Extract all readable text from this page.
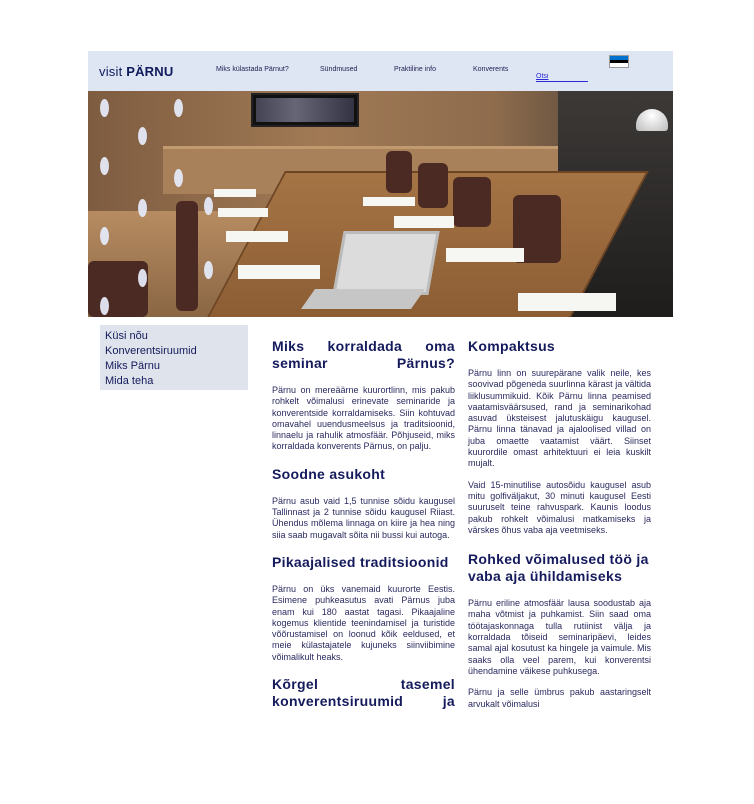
visit PÄRNU	Miks külastada Pärnut?	Sündmused	Praktiline info	Konverents
Otsi
Küsi nõu
Konverentsiruumid
Miks Pärnu
Mida teha
Miks korraldada oma seminar Pärnus?

Pärnu on mereäärne kuurortlinn, mis pakub rohkelt võimalusi erinevate seminaride ja konverentside korraldamiseks. Siin kohtuvad omavahel uuendusmeelsus ja traditsioonid, linnaelu ja rahulik atmosfäär. Põhjuseid, miks korraldada konverents Pärnus, on palju.

Soodne asukoht

Pärnu asub vaid 1,5 tunnise sõidu kaugusel Tallinnast ja 2 tunnise sõidu kaugusel Riiast. Ühendus mõlema linnaga on kiire ja hea ning siia saab mugavalt sõita nii bussi kui autoga.

Pikaajalised traditsioonid

Pärnu on üks vanemaid kuurorte Eestis. Esimene puhkeasutus avati Pärnus juba enam kui 180 aastat tagasi. Pikaajaline kogemus klientide teenindamisel ja turistide võõrustamisel on loonud kõik eeldused, et meie külastajatele kujuneks siinviibimine võimalikult heaks.

Kõrgel tasemel konverentsiruumid ja
Kompaktsus

Pärnu linn on suurepärane valik neile, kes soovivad põgeneda suurlinna kärast ja vältida liiklusummikuid. Kõik Pärnu linna peamised vaatamisväärsused, rand ja seminarikohad asuvad üksteisest jalutuskäigu kaugusel. Pärnu linna tänavad ja ajaloolised villad on juba omaette vaatamist väärt. Siinset kuurordile omast arhitektuuri ei leia kuskilt mujalt.

Vaid 15-minutilise autosõidu kaugusel asub mitu golfiväljakut, 30 minuti kaugusel Eesti suuruselt teine rahvuspark. Kaunis loodus pakub rohkelt võimalusi matkamiseks ja värskes õhus vaba aja veetmiseks.

Rohked võimalused töö ja vaba aja ühildamiseks

Pärnu eriline atmosfäär lausa soodustab aja maha võtmist ja puhkamist. Siin saad oma töötajaskonnaga tulla rutiinist välja ja korraldada tõiseid seminaripäevi, leides samal ajal kosutust ka hingele ja vaimule. Mis saaks olla veel parem, kui konverentsi ühendamine väikese puhkusega.

Pärnu ja selle ümbrus pakub aastaringselt arvukalt võimalusi
